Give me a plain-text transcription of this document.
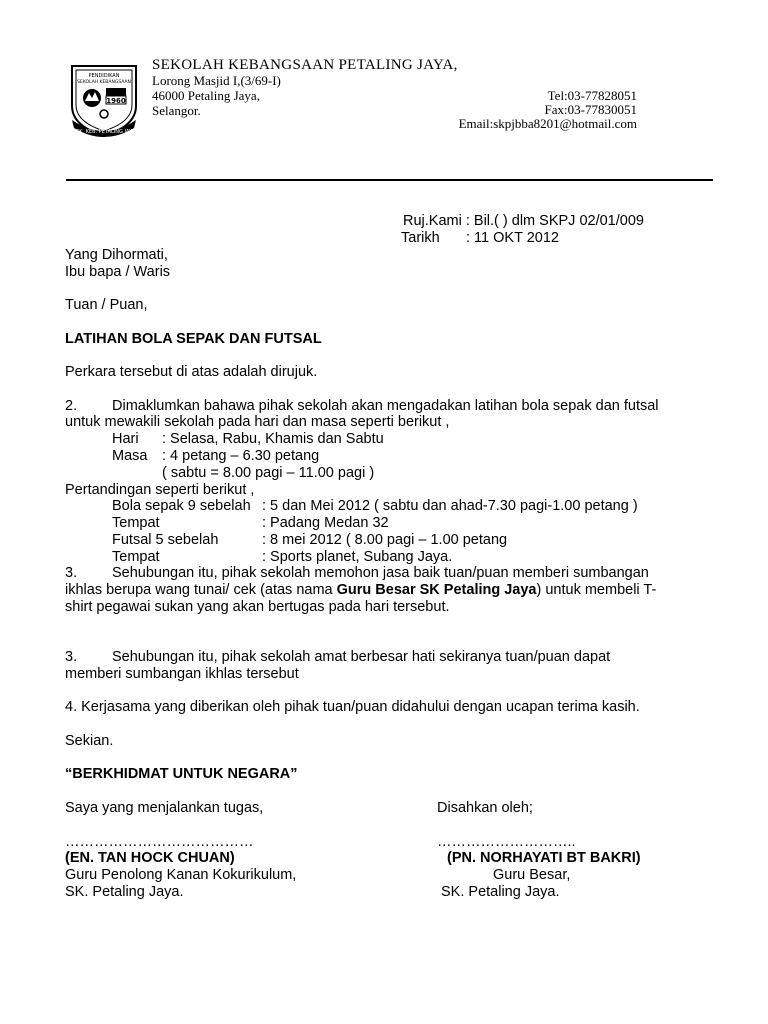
PENDIDIKAN
SEKOLAH KEBANGSAAN
1960
SEK. KEB. PETALING JAYA
SEKOLAH KEBANGSAAN PETALING JAYA,
Lorong Masjid I,(3/69-I)
46000 Petaling Jaya,
Selangor.
Tel:03-77828051
Fax:03-77830051
Email:skpjbba8201@hotmail.com
Ruj.Kami : Bil.( ) dlm SKPJ 02/01/009
Tarikh : 11 OKT 2012
Yang Dihormati,
Ibu bapa / Waris
Tuan / Puan,
LATIHAN BOLA SEPAK DAN FUTSAL
Perkara tersebut di atas adalah dirujuk.
2. Dimaklumkan bahawa pihak sekolah akan mengadakan latihan bola sepak dan futsal
untuk mewakili sekolah pada hari dan masa seperti berikut ,
Hari : Selasa, Rabu, Khamis dan Sabtu
Masa : 4 petang – 6.30 petang
( sabtu = 8.00 pagi – 11.00 pagi )
Pertandingan seperti berikut ,
Bola sepak 9 sebelah : 5 dan Mei 2012 ( sabtu dan ahad-7.30 pagi-1.00 petang )
Tempat	: Padang Medan 32
Futsal 5 sebelah	: 8 mei 2012 ( 8.00 pagi – 1.00 petang
Tempat	: Sports planet, Subang Jaya.
3. Sehubungan itu, pihak sekolah memohon jasa baik tuan/puan memberi sumbangan
ikhlas berupa wang tunai/ cek (atas nama Guru Besar SK Petaling Jaya) untuk membeli T-
shirt pegawai sukan yang akan bertugas pada hari tersebut.
3. Sehubungan itu, pihak sekolah amat berbesar hati sekiranya tuan/puan dapat
memberi sumbangan ikhlas tersebut
4. Kerjasama yang diberikan oleh pihak tuan/puan didahului dengan ucapan terima kasih.
Sekian.
“BERKHIDMAT UNTUK NEGARA”
Saya yang menjalankan tugas,
…………………………………
(EN. TAN HOCK CHUAN)
Guru Penolong Kanan Kokurikulum,
SK. Petaling Jaya.
Disahkan oleh;
………………………..
(PN. NORHAYATI BT BAKRI)
Guru Besar,
SK. Petaling Jaya.
